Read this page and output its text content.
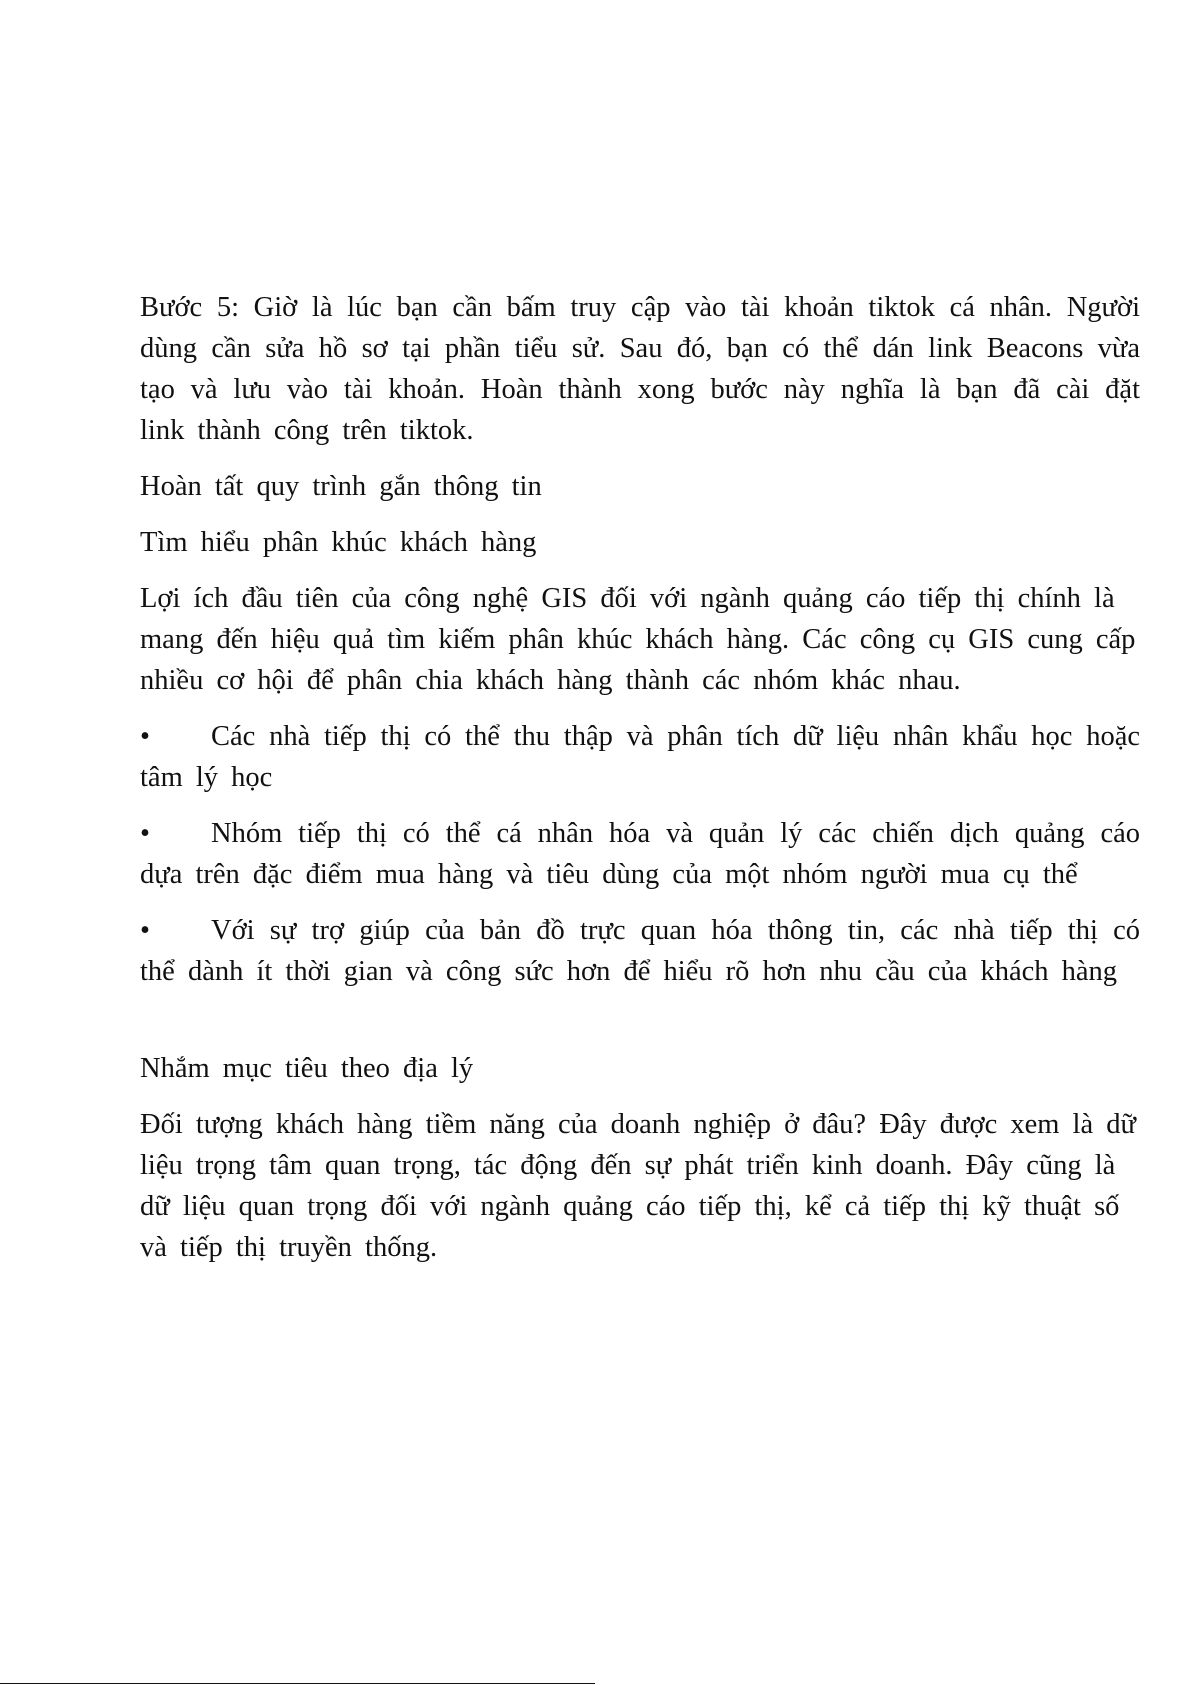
Bước 5: Giờ là lúc bạn cần bấm truy cập vào tài khoản tiktok cá nhân. Người dùng cần sửa hồ sơ tại phần tiểu sử. Sau đó, bạn có thể dán link Beacons vừa tạo và lưu vào tài khoản. Hoàn thành xong bước này nghĩa là bạn đã cài đặt link thành công trên tiktok.

Hoàn tất quy trình gắn thông tin

Tìm hiểu phân khúc khách hàng

Lợi ích đầu tiên của công nghệ GIS đối với ngành quảng cáo tiếp thị chính là mang đến hiệu quả tìm kiếm phân khúc khách hàng. Các công cụ GIS cung cấp nhiều cơ hội để phân chia khách hàng thành các nhóm khác nhau.

• Các nhà tiếp thị có thể thu thập và phân tích dữ liệu nhân khẩu học hoặc tâm lý học

• Nhóm tiếp thị có thể cá nhân hóa và quản lý các chiến dịch quảng cáo dựa trên đặc điểm mua hàng và tiêu dùng của một nhóm người mua cụ thể

• Với sự trợ giúp của bản đồ trực quan hóa thông tin, các nhà tiếp thị có thể dành ít thời gian và công sức hơn để hiểu rõ hơn nhu cầu của khách hàng

Nhắm mục tiêu theo địa lý

Đối tượng khách hàng tiềm năng của doanh nghiệp ở đâu? Đây được xem là dữ liệu trọng tâm quan trọng, tác động đến sự phát triển kinh doanh. Đây cũng là dữ liệu quan trọng đối với ngành quảng cáo tiếp thị, kể cả tiếp thị kỹ thuật số và tiếp thị truyền thống.
